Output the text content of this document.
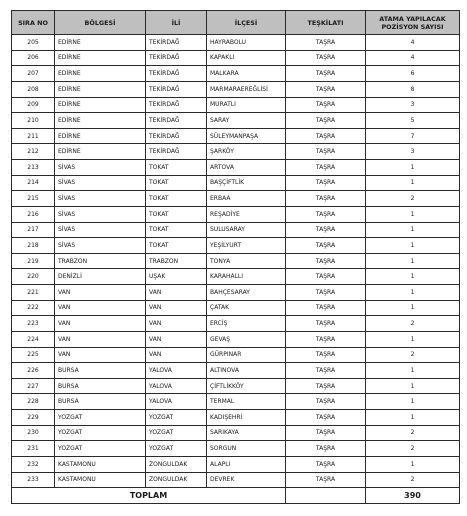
SIRA NO	BÖLGESİ	İLİ	İLÇESİ	TEŞKİLATI	ATAMA YAPILACAK POZİSYON SAYISI
205	EDİRNE	TEKİRDAĞ	HAYRABOLU	TAŞRA	4
206	EDİRNE	TEKİRDAĞ	KAPAKLI	TAŞRA	4
207	EDİRNE	TEKİRDAĞ	MALKARA	TAŞRA	6
208	EDİRNE	TEKİRDAĞ	MARMARAEREĞLİSİ	TAŞRA	8
209	EDİRNE	TEKİRDAĞ	MURATLI	TAŞRA	3
210	EDİRNE	TEKİRDAĞ	SARAY	TAŞRA	5
211	EDİRNE	TEKİRDAĞ	SÜLEYMANPAŞA	TAŞRA	7
212	EDİRNE	TEKİRDAĞ	ŞARKÖY	TAŞRA	3
213	SİVAS	TOKAT	ARTOVA	TAŞRA	1
214	SİVAS	TOKAT	BAŞÇİFTLİK	TAŞRA	1
215	SİVAS	TOKAT	ERBAA	TAŞRA	2
216	SİVAS	TOKAT	REŞADİYE	TAŞRA	1
217	SİVAS	TOKAT	SULUSARAY	TAŞRA	1
218	SİVAS	TOKAT	YEŞİLYURT	TAŞRA	1
219	TRABZON	TRABZON	TONYA	TAŞRA	1
220	DENİZLİ	UŞAK	KARAHALLI	TAŞRA	1
221	VAN	VAN	BAHÇESARAY	TAŞRA	1
222	VAN	VAN	ÇATAK	TAŞRA	1
223	VAN	VAN	ERCİŞ	TAŞRA	2
224	VAN	VAN	GEVAŞ	TAŞRA	1
225	VAN	VAN	GÜRPINAR	TAŞRA	2
226	BURSA	YALOVA	ALTINOVA	TAŞRA	1
227	BURSA	YALOVA	ÇİFTLİKKÖY	TAŞRA	1
228	BURSA	YALOVA	TERMAL	TAŞRA	1
229	YOZGAT	YOZGAT	KADIŞEHRİ	TAŞRA	1
230	YOZGAT	YOZGAT	SARIKAYA	TAŞRA	2
231	YOZGAT	YOZGAT	SORGUN	TAŞRA	2
232	KASTAMONU	ZONGULDAK	ALAPLI	TAŞRA	1
233	KASTAMONU	ZONGULDAK	DEVREK	TAŞRA	2
TOPLAM					390
